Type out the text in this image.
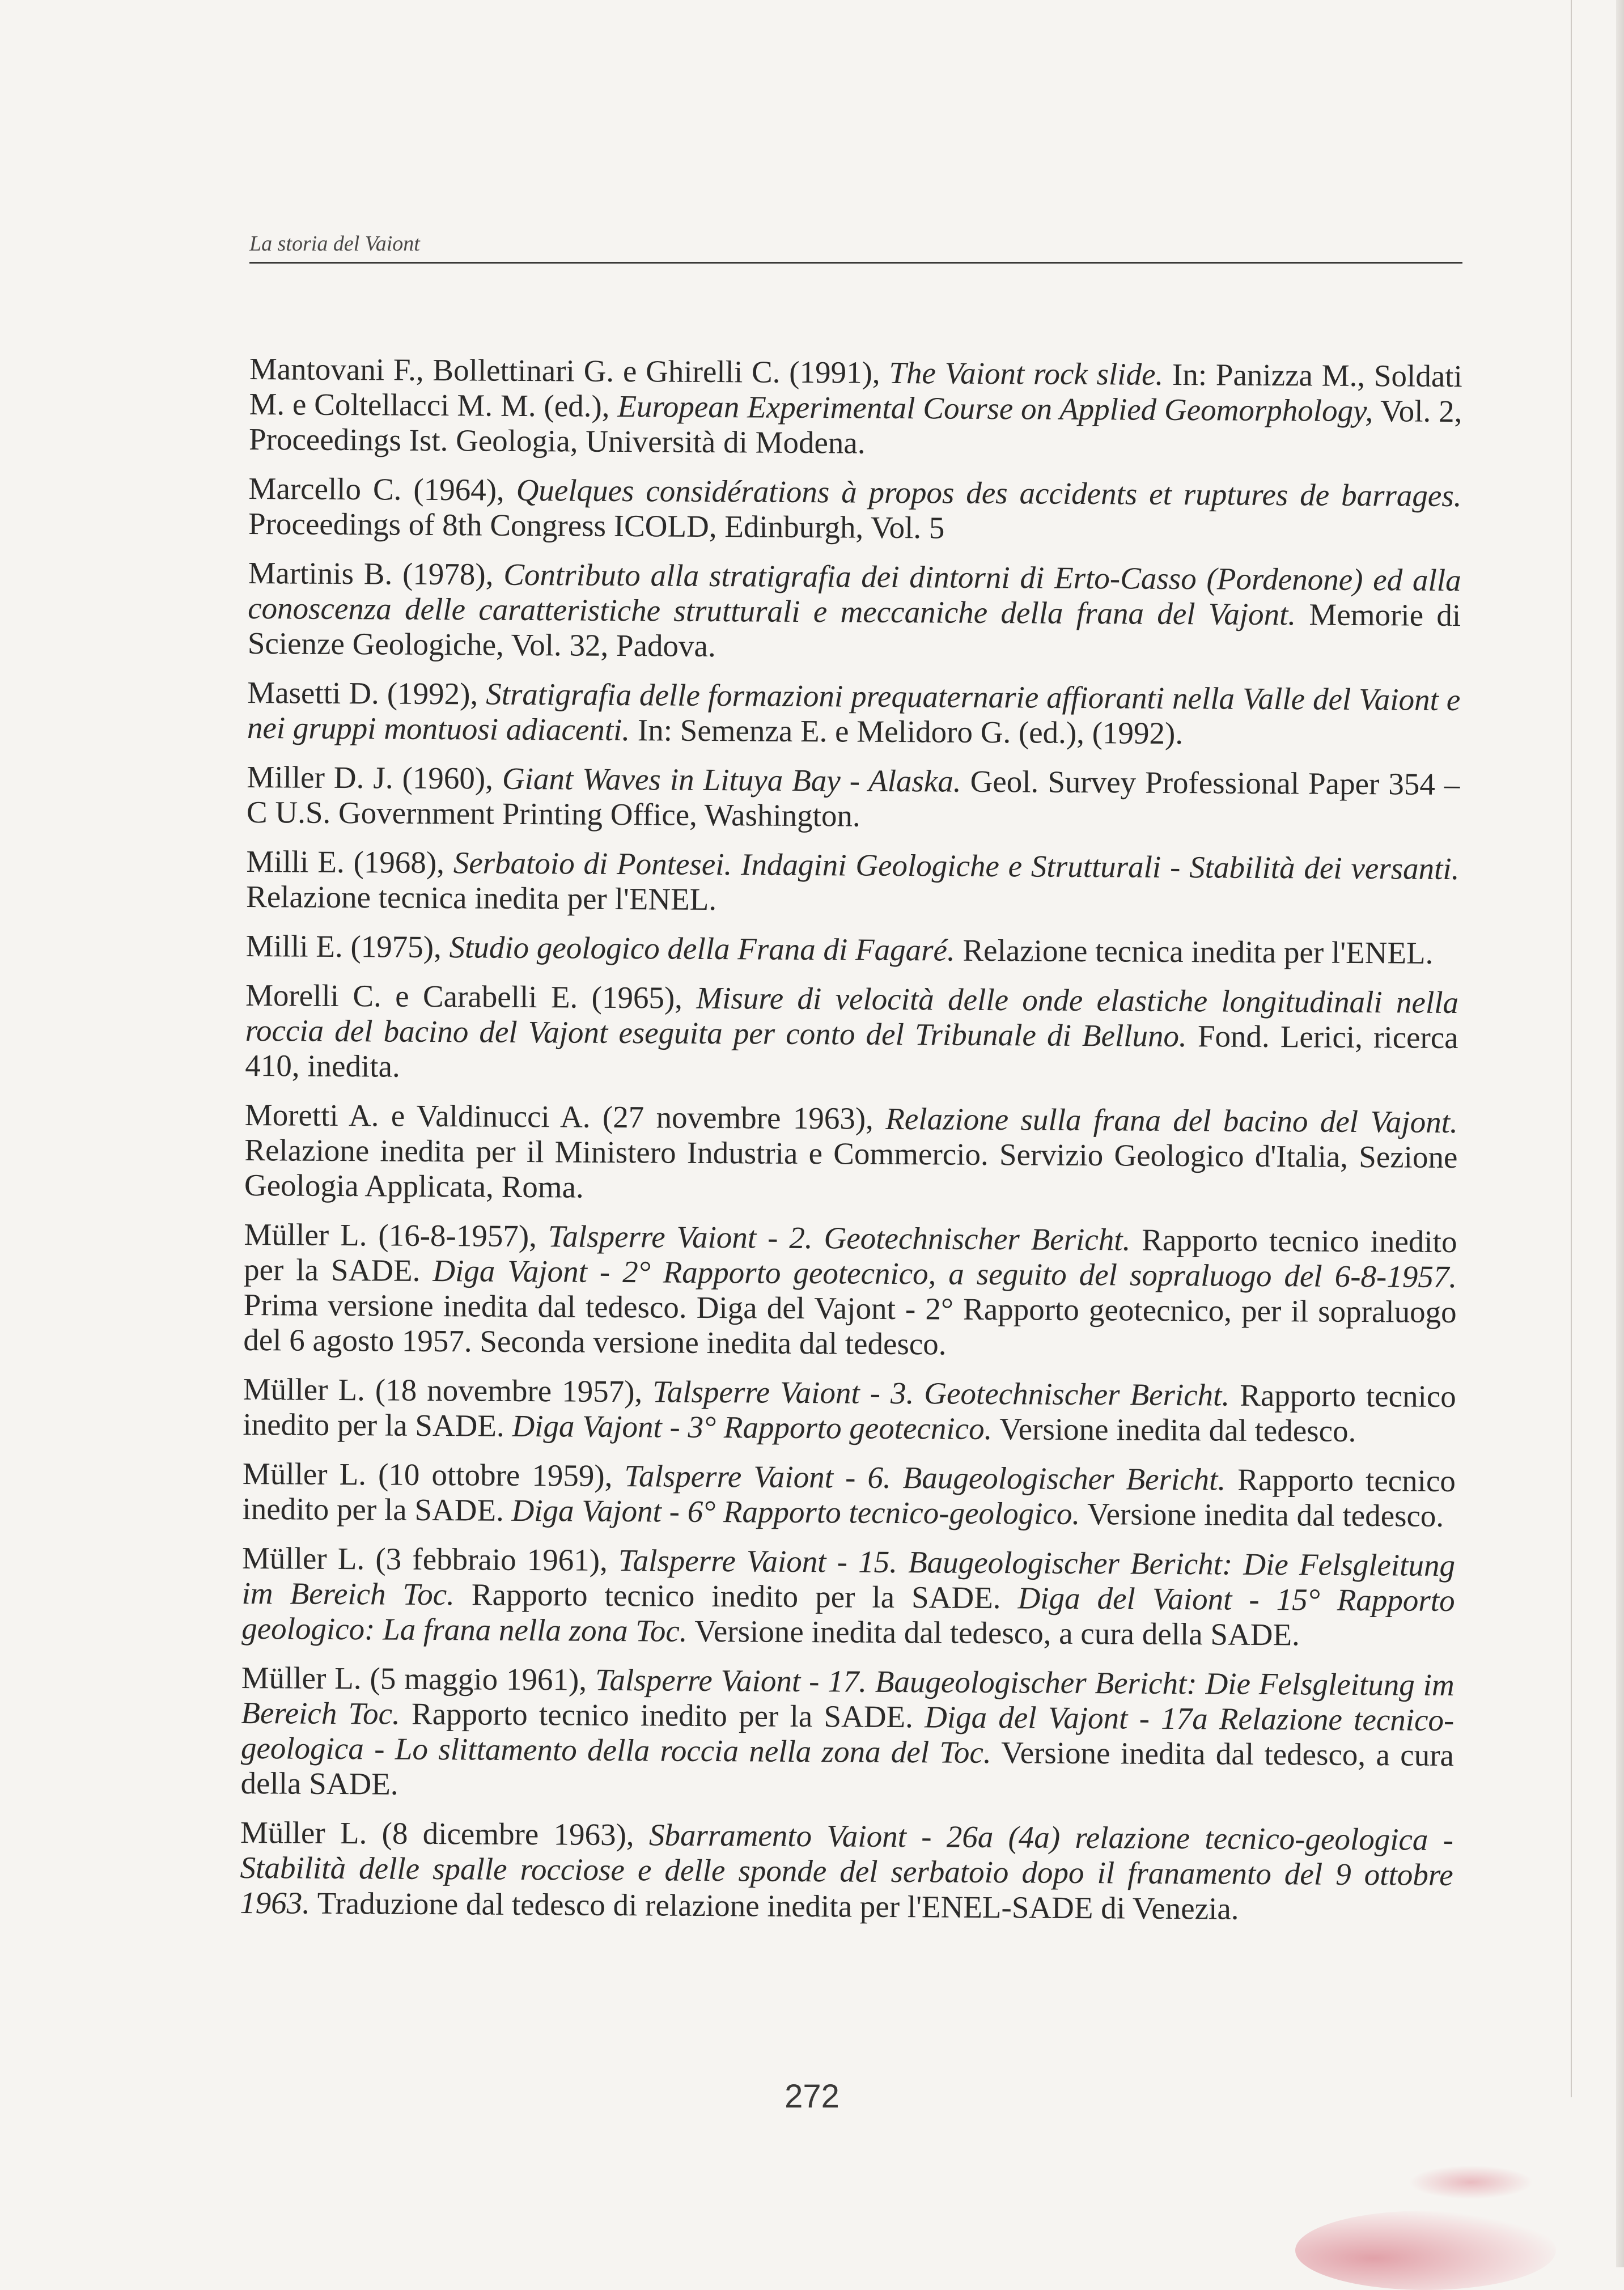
La storia del Vaiont
Mantovani F., Bollettinari G. e Ghirelli C. (1991), The Vaiont rock slide. In: Panizza M., Soldati M. e Coltellacci M. M. (ed.), European Experimental Course on Applied Geomorphology, Vol. 2, Proceedings Ist. Geologia, Università di Modena.
Marcello C. (1964), Quelques considérations à propos des accidents et ruptures de barrages. Proceedings of 8th Congress ICOLD, Edinburgh, Vol. 5
Martinis B. (1978), Contributo alla stratigrafia dei dintorni di Erto-Casso (Pordenone) ed alla conoscenza delle caratteristiche strutturali e meccaniche della frana del Vajont. Memorie di Scienze Geologiche, Vol. 32, Padova.
Masetti D. (1992), Stratigrafia delle formazioni prequaternarie affioranti nella Valle del Vaiont e nei gruppi montuosi adiacenti. In: Semenza E. e Melidoro G. (ed.), (1992).
Miller D. J. (1960), Giant Waves in Lituya Bay - Alaska. Geol. Survey Professional Paper 354 – C U.S. Government Printing Office, Washington.
Milli E. (1968), Serbatoio di Pontesei. Indagini Geologiche e Strutturali - Stabilità dei versanti. Relazione tecnica inedita per l'ENEL.
Milli E. (1975), Studio geologico della Frana di Fagaré. Relazione tecnica inedita per l'ENEL.
Morelli C. e Carabelli E. (1965), Misure di velocità delle onde elastiche longitudinali nella roccia del bacino del Vajont eseguita per conto del Tribunale di Belluno. Fond. Lerici, ricerca 410, inedita.
Moretti A. e Valdinucci A. (27 novembre 1963), Relazione sulla frana del bacino del Vajont. Relazione inedita per il Ministero Industria e Commercio. Servizio Geologico d'Italia, Sezione Geologia Applicata, Roma.
Müller L. (16-8-1957), Talsperre Vaiont - 2. Geotechnischer Bericht. Rapporto tecnico inedito per la SADE. Diga Vajont - 2° Rapporto geotecnico, a seguito del sopraluogo del 6-8-1957. Prima versione inedita dal tedesco. Diga del Vajont - 2° Rapporto geotecnico, per il sopraluogo del 6 agosto 1957. Seconda versione inedita dal tedesco.
Müller L. (18 novembre 1957), Talsperre Vaiont - 3. Geotechnischer Bericht. Rapporto tecnico inedito per la SADE. Diga Vajont - 3° Rapporto geotecnico. Versione inedita dal tedesco.
Müller L. (10 ottobre 1959), Talsperre Vaiont - 6. Baugeologischer Bericht. Rapporto tecnico inedito per la SADE. Diga Vajont - 6° Rapporto tecnico-geologico. Versione inedita dal tedesco.
Müller L. (3 febbraio 1961), Talsperre Vaiont - 15. Baugeologischer Bericht: Die Felsgleitung im Bereich Toc. Rapporto tecnico inedito per la SADE. Diga del Vaiont - 15° Rapporto geologico: La frana nella zona Toc. Versione inedita dal tedesco, a cura della SADE.
Müller L. (5 maggio 1961), Talsperre Vaiont - 17. Baugeologischer Bericht: Die Felsgleitung im Bereich Toc. Rapporto tecnico inedito per la SADE. Diga del Vajont - 17a Relazione tecnico-geologica - Lo slittamento della roccia nella zona del Toc. Versione inedita dal tedesco, a cura della SADE.
Müller L. (8 dicembre 1963), Sbarramento Vaiont - 26a (4a) relazione tecnico-geologica - Stabilità delle spalle rocciose e delle sponde del serbatoio dopo il franamento del 9 ottobre 1963. Traduzione dal tedesco di relazione inedita per l'ENEL-SADE di Venezia.
272
